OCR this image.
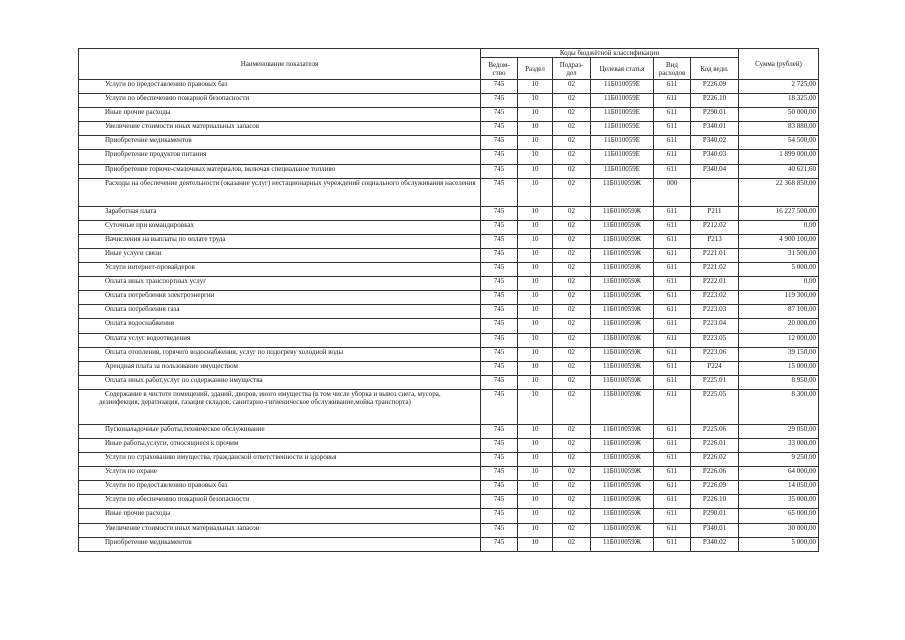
Наименование показателя	Коды бюджётной классификации						Сумма (рублей)
	Ведом- ство	Раздел	Подраз- дел	Целевая статья	Вид расходов	Код ведн.	

Услуги по предоставлению правовых баз	745	10	02	11Б010059Е	611	Р226.09	2 725,00

Услуги по обеспечению пожарной безопасности	745	10	02	11Б010059Е	611	Р226.10	18 325,00

Иные прочие расходы	745	10	02	11Б010059Е	611	Р290.01	50 000,00

Увеличение стоимости иных материальных запасов	745	10	02	11Б010059Е	611	Р340.01	83 880,00

Приобретение медикаментов	745	10	02	11Б010059Е	611	Р340.02	54 500,00

Приобретение продуктов питания	745	10	02	11Б010059Е	611	Р340.03	1 899 000,00

Приобретение горюче-смазочных материалов, включая специальное топливо	745	10	02	11Б010059Е	611	Р340.04	40 621,60

Расходы на обеспечение деятельности (оказание услуг) нестационарных учреждений социального обслуживания населения	745	10	02	11Б010059Ж	000		22 368 850,00

Заработная плата	745	10	02	11Б010059Ж	611	Р211	16 227 500,00

Суточные при командировках	745	10	02	11Б010059Ж	611	Р212.02	0,00

Начисления на выплаты по оплате труда	745	10	02	11Б010059Ж	611	Р213	4 900 100,00

Иные услуги связи	745	10	02	11Б010059Ж	611	Р221.01	31 500,00

Услуги интернет-провайдеров	745	10	02	11Б010059Ж	611	Р221.02	5 000,00

Оплата иных транспортных услуг	745	10	02	11Б010059Ж	611	Р222.01	0,00

Оплата потребления электроэнергии	745	10	02	11Б010059Ж	611	Р223.02	119 300,00

Оплата потребления газа	745	10	02	11Б010059Ж	611	Р223.03	87 100,00

Оплата водоснабжения	745	10	02	11Б010059Ж	611	Р223.04	20 000,00

Оплата услуг водоотведения	745	10	02	11Б010059Ж	611	Р223.05	12 000,00

Оплата отопления, горячего водоснабжения, услуг по подогреву холодной воды	745	10	02	11Б010059Ж	611	Р223.06	39 150,00

Арендная плата за пользование имуществом	745	10	02	11Б010059Ж	611	Р224	15 000,00

Оплата иных работ,услуг по содержанию имущества	745	10	02	11Б010059Ж	611	Р225.01	8 950,00

Содержание в чистоте помещений, зданий, дворов, иного имущества (в том числе уборка и вывоз снега, мусора, дезинфекция, дератизация, газация складов, санитарно-гигиеническое обслуживание,мойка транспорта)	745	10	02	11Б010059Ж	611	Р225.05	8 300,00

Пусконаладочные работы,техническое обслуживание	745	10	02	11Б010059Ж	611	Р225.06	29 050,00

Иные работы,услуги, относящиеся к прочим	745	10	02	11Б010059Ж	611	Р226.01	33 000,00

Услуги по страхованию имущества, гражданской ответственности и здоровья	745	10	02	11Б010059Ж	611	Р226.02	9 250,00

Услуги по охране	745	10	02	11Б010059Ж	611	Р226.06	64 000,00

Услуги по предоставлению правовых баз	745	10	02	11Б010059Ж	611	Р226.09	14 050,00

Услуги по обеспечению пожарной безопасности	745	10	02	11Б010059Ж	611	Р226.10	35 000,00

Иные прочие расходы	745	10	02	11Б010059Ж	611	Р290.01	65 000,00

Увеличение стоимости иных материальных запасов	745	10	02	11Б010059Ж	611	Р340.01	30 000,00

Приобретение медикаментов	745	10	02	11Б010059Ж	611	Р340.02	5 000,00
